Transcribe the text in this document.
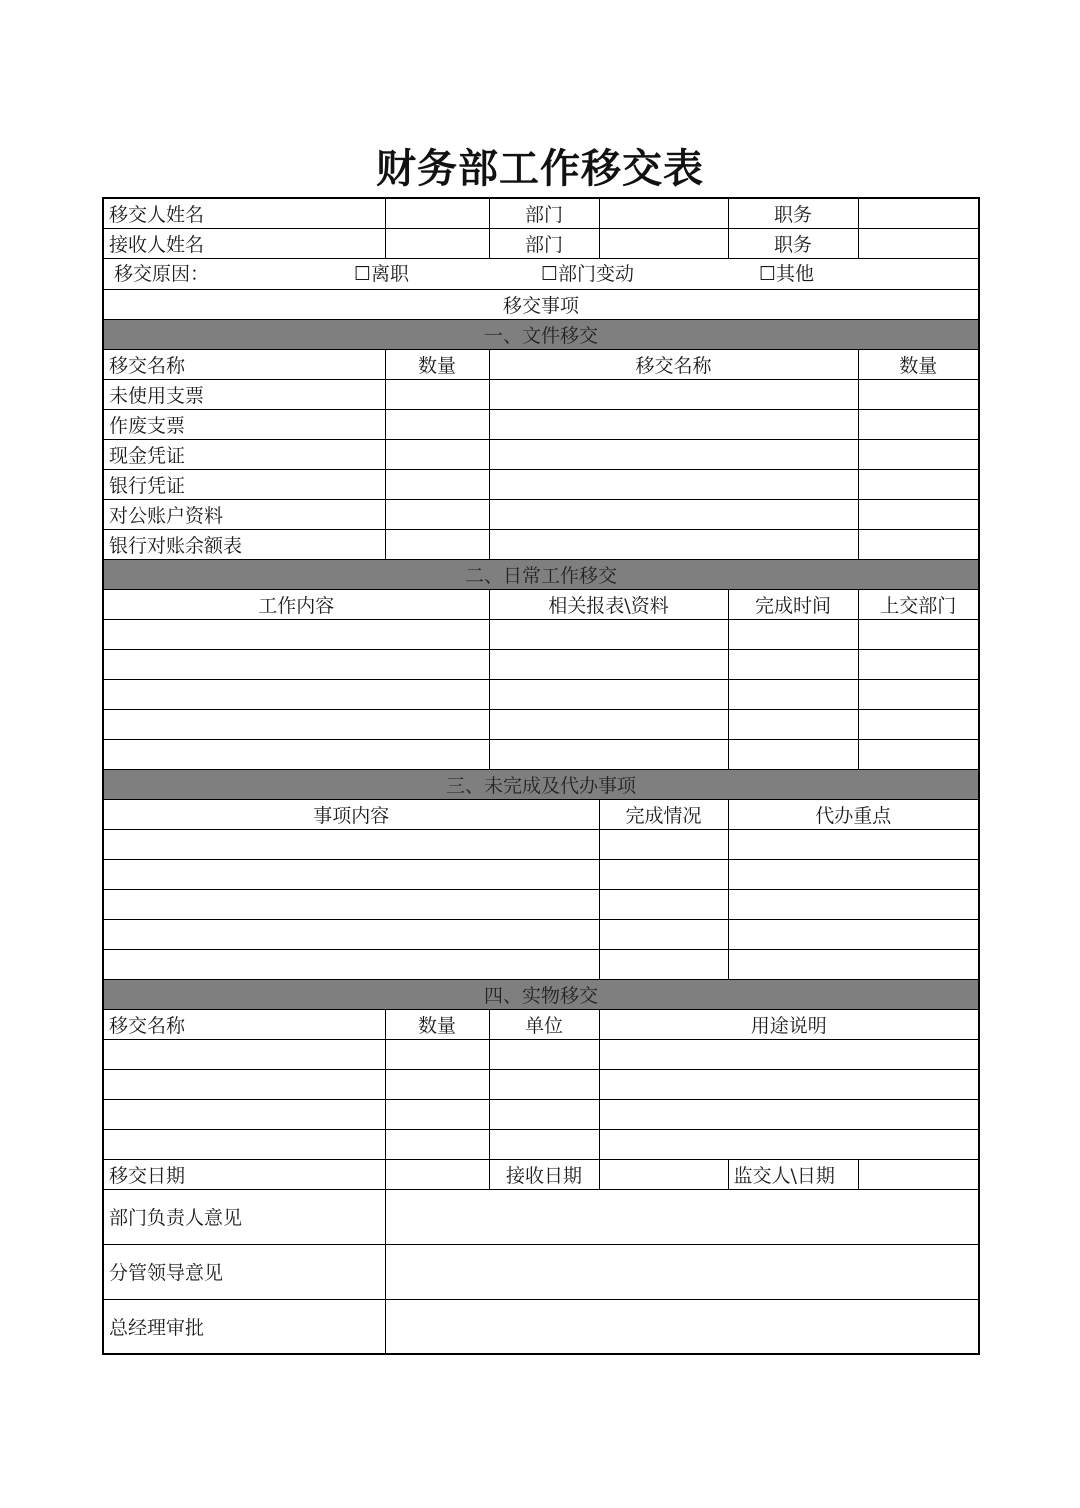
财务部工作移交表
移交人姓名		部门		职务	
接收人姓名		部门		职务	

移交原因： ☐离职 ☐部门变动 ☐其他					

移交事项					
一、文件移交					
移交名称	数量	移交名称			数量
未使用支票					
作废支票					
现金凭证					
银行凭证					
对公账户资料					
银行对账余额表					
二、日常工作移交					
工作内容		相关报表\资料		完成时间	上交部门

三、未完成及代办事项					
事项内容			完成情况	代办重点	

四、实物移交					
移交名称	数量	单位	用途说明		

移交日期		接收日期		监交人\日期	
部门负责人意见					
分管领导意见					
总经理审批					
